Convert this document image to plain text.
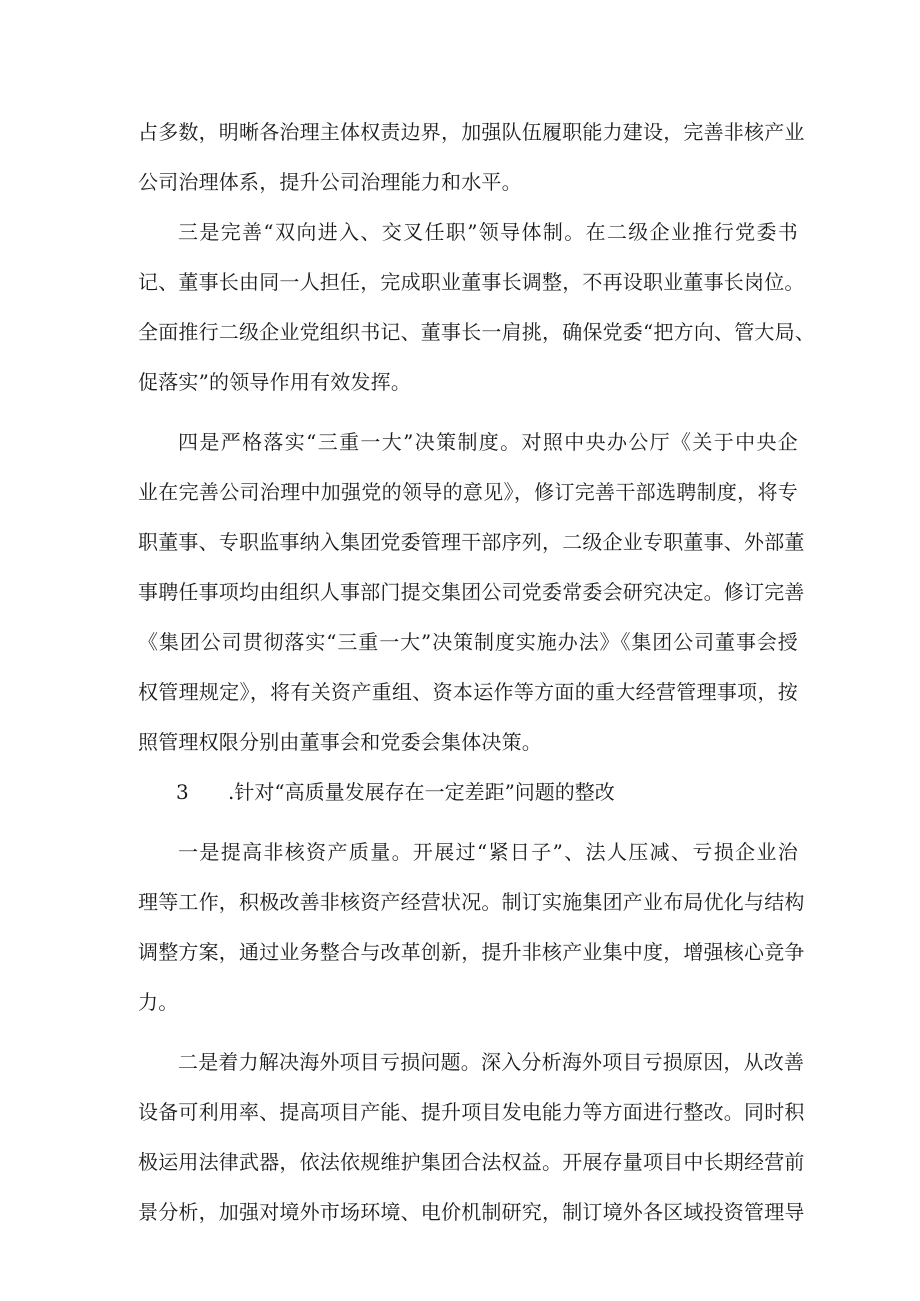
占多数，明晰各治理主体权责边界，加强队伍履职能力建设，完善非核产业
公司治理体系，提升公司治理能力和水平。
三是完善“双向进入、交叉任职”领导体制。在二级企业推行党委书
记、董事长由同一人担任，完成职业董事长调整，不再设职业董事长岗位。
全面推行二级企业党组织书记、董事长一肩挑，确保党委“把方向、管大局、
促落实”的领导作用有效发挥。
四是严格落实“三重一大”决策制度。对照中央办公厅《关于中央企
业在完善公司治理中加强党的领导的意见》，修订完善干部选聘制度，将专
职董事、专职监事纳入集团党委管理干部序列，二级企业专职董事、外部董
事聘任事项均由组织人事部门提交集团公司党委常委会研究决定。修订完善
《集团公司贯彻落实“三重一大”决策制度实施办法》《集团公司董事会授
权管理规定》，将有关资产重组、资本运作等方面的重大经营管理事项，按
照管理权限分别由董事会和党委会集体决策。
3 .针对“高质量发展存在一定差距”问题的整改
一是提高非核资产质量。开展过“紧日子”、法人压减、亏损企业治
理等工作，积极改善非核资产经营状况。制订实施集团产业布局优化与结构
调整方案，通过业务整合与改革创新，提升非核产业集中度，增强核心竞争
力。
二是着力解决海外项目亏损问题。深入分析海外项目亏损原因，从改善
设备可利用率、提高项目产能、提升项目发电能力等方面进行整改。同时积
极运用法律武器，依法依规维护集团合法权益。开展存量项目中长期经营前
景分析，加强对境外市场环境、电价机制研究，制订境外各区域投资管理导
